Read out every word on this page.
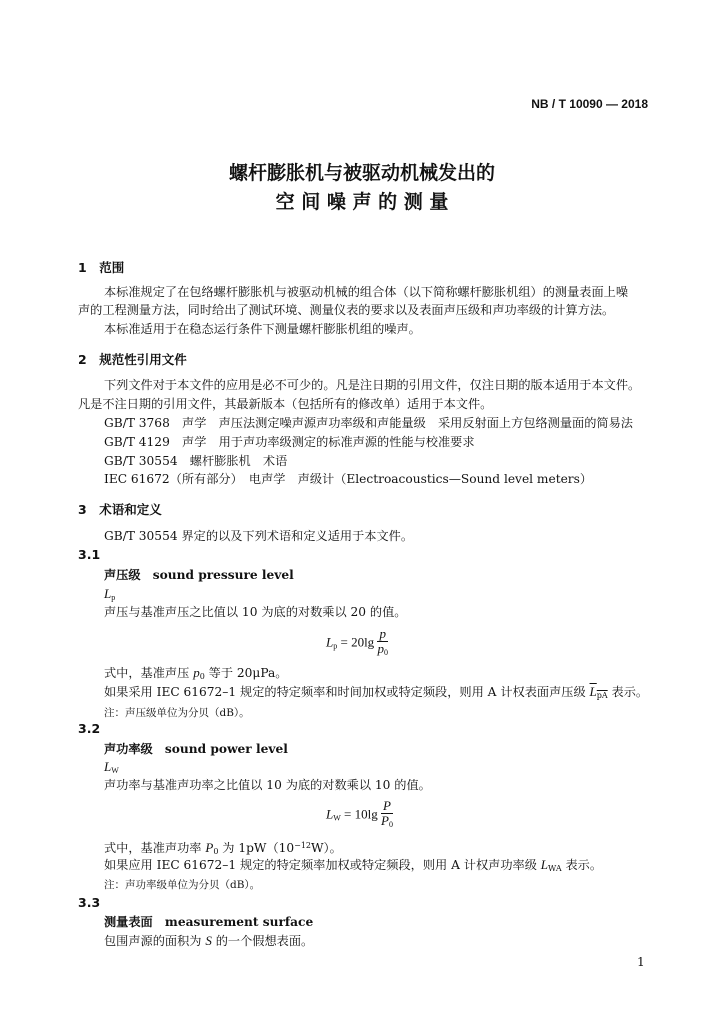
NB / T 10090 — 2018
螺杆膨胀机与被驱动机械发出的
空 间 噪 声 的 测 量
1　范围
本标准规定了在包络螺杆膨胀机与被驱动机械的组合体（以下简称螺杆膨胀机组）的测量表面上噪
声的工程测量方法，同时给出了测试环境、测量仪表的要求以及表面声压级和声功率级的计算方法。
本标准适用于在稳态运行条件下测量螺杆膨胀机组的噪声。
2　规范性引用文件
下列文件对于本文件的应用是必不可少的。凡是注日期的引用文件，仅注日期的版本适用于本文件。
凡是不注日期的引用文件，其最新版本（包括所有的修改单）适用于本文件。
GB/T 3768　声学　声压法测定噪声源声功率级和声能量级　采用反射面上方包络测量面的简易法
GB/T 4129　声学　用于声功率级测定的标准声源的性能与校准要求
GB/T 30554　螺杆膨胀机　术语
IEC 61672（所有部分）　电声学　声级计（Electroacoustics—Sound level meters）
3　术语和定义
GB/T 30554 界定的以及下列术语和定义适用于本文件。
3.1
声压级　sound pressure level
$L_p$
声压与基准声压之比值以 10 为底的对数乘以 20 的值。
$L_p = 20\lg \frac{p}{p_0}$
式中，基准声压 $p_0$ 等于 20μPa。
如果采用 IEC 61672–1 规定的特定频率和时间加权或特定频段，则用 A 计权表面声压级 $L_{pA}$ 表示。
注：声压级单位为分贝（dB）。
3.2
声功率级　sound power level
$L_W$
声功率与基准声功率之比值以 10 为底的对数乘以 10 的值。
$L_W = 10\lg \frac{P}{P_0}$
式中，基准声功率 $P_0$ 为 $1pW(10^{-12}W)$。
如果应用 IEC 61672–1 规定的特定频率加权或特定频段，则用 A 计权声功率级 $L_{WA}$ 表示。
注：声功率级单位为分贝（dB）。
3.3
测量表面　measurement surface
包围声源的面积为 S 的一个假想表面。
1
